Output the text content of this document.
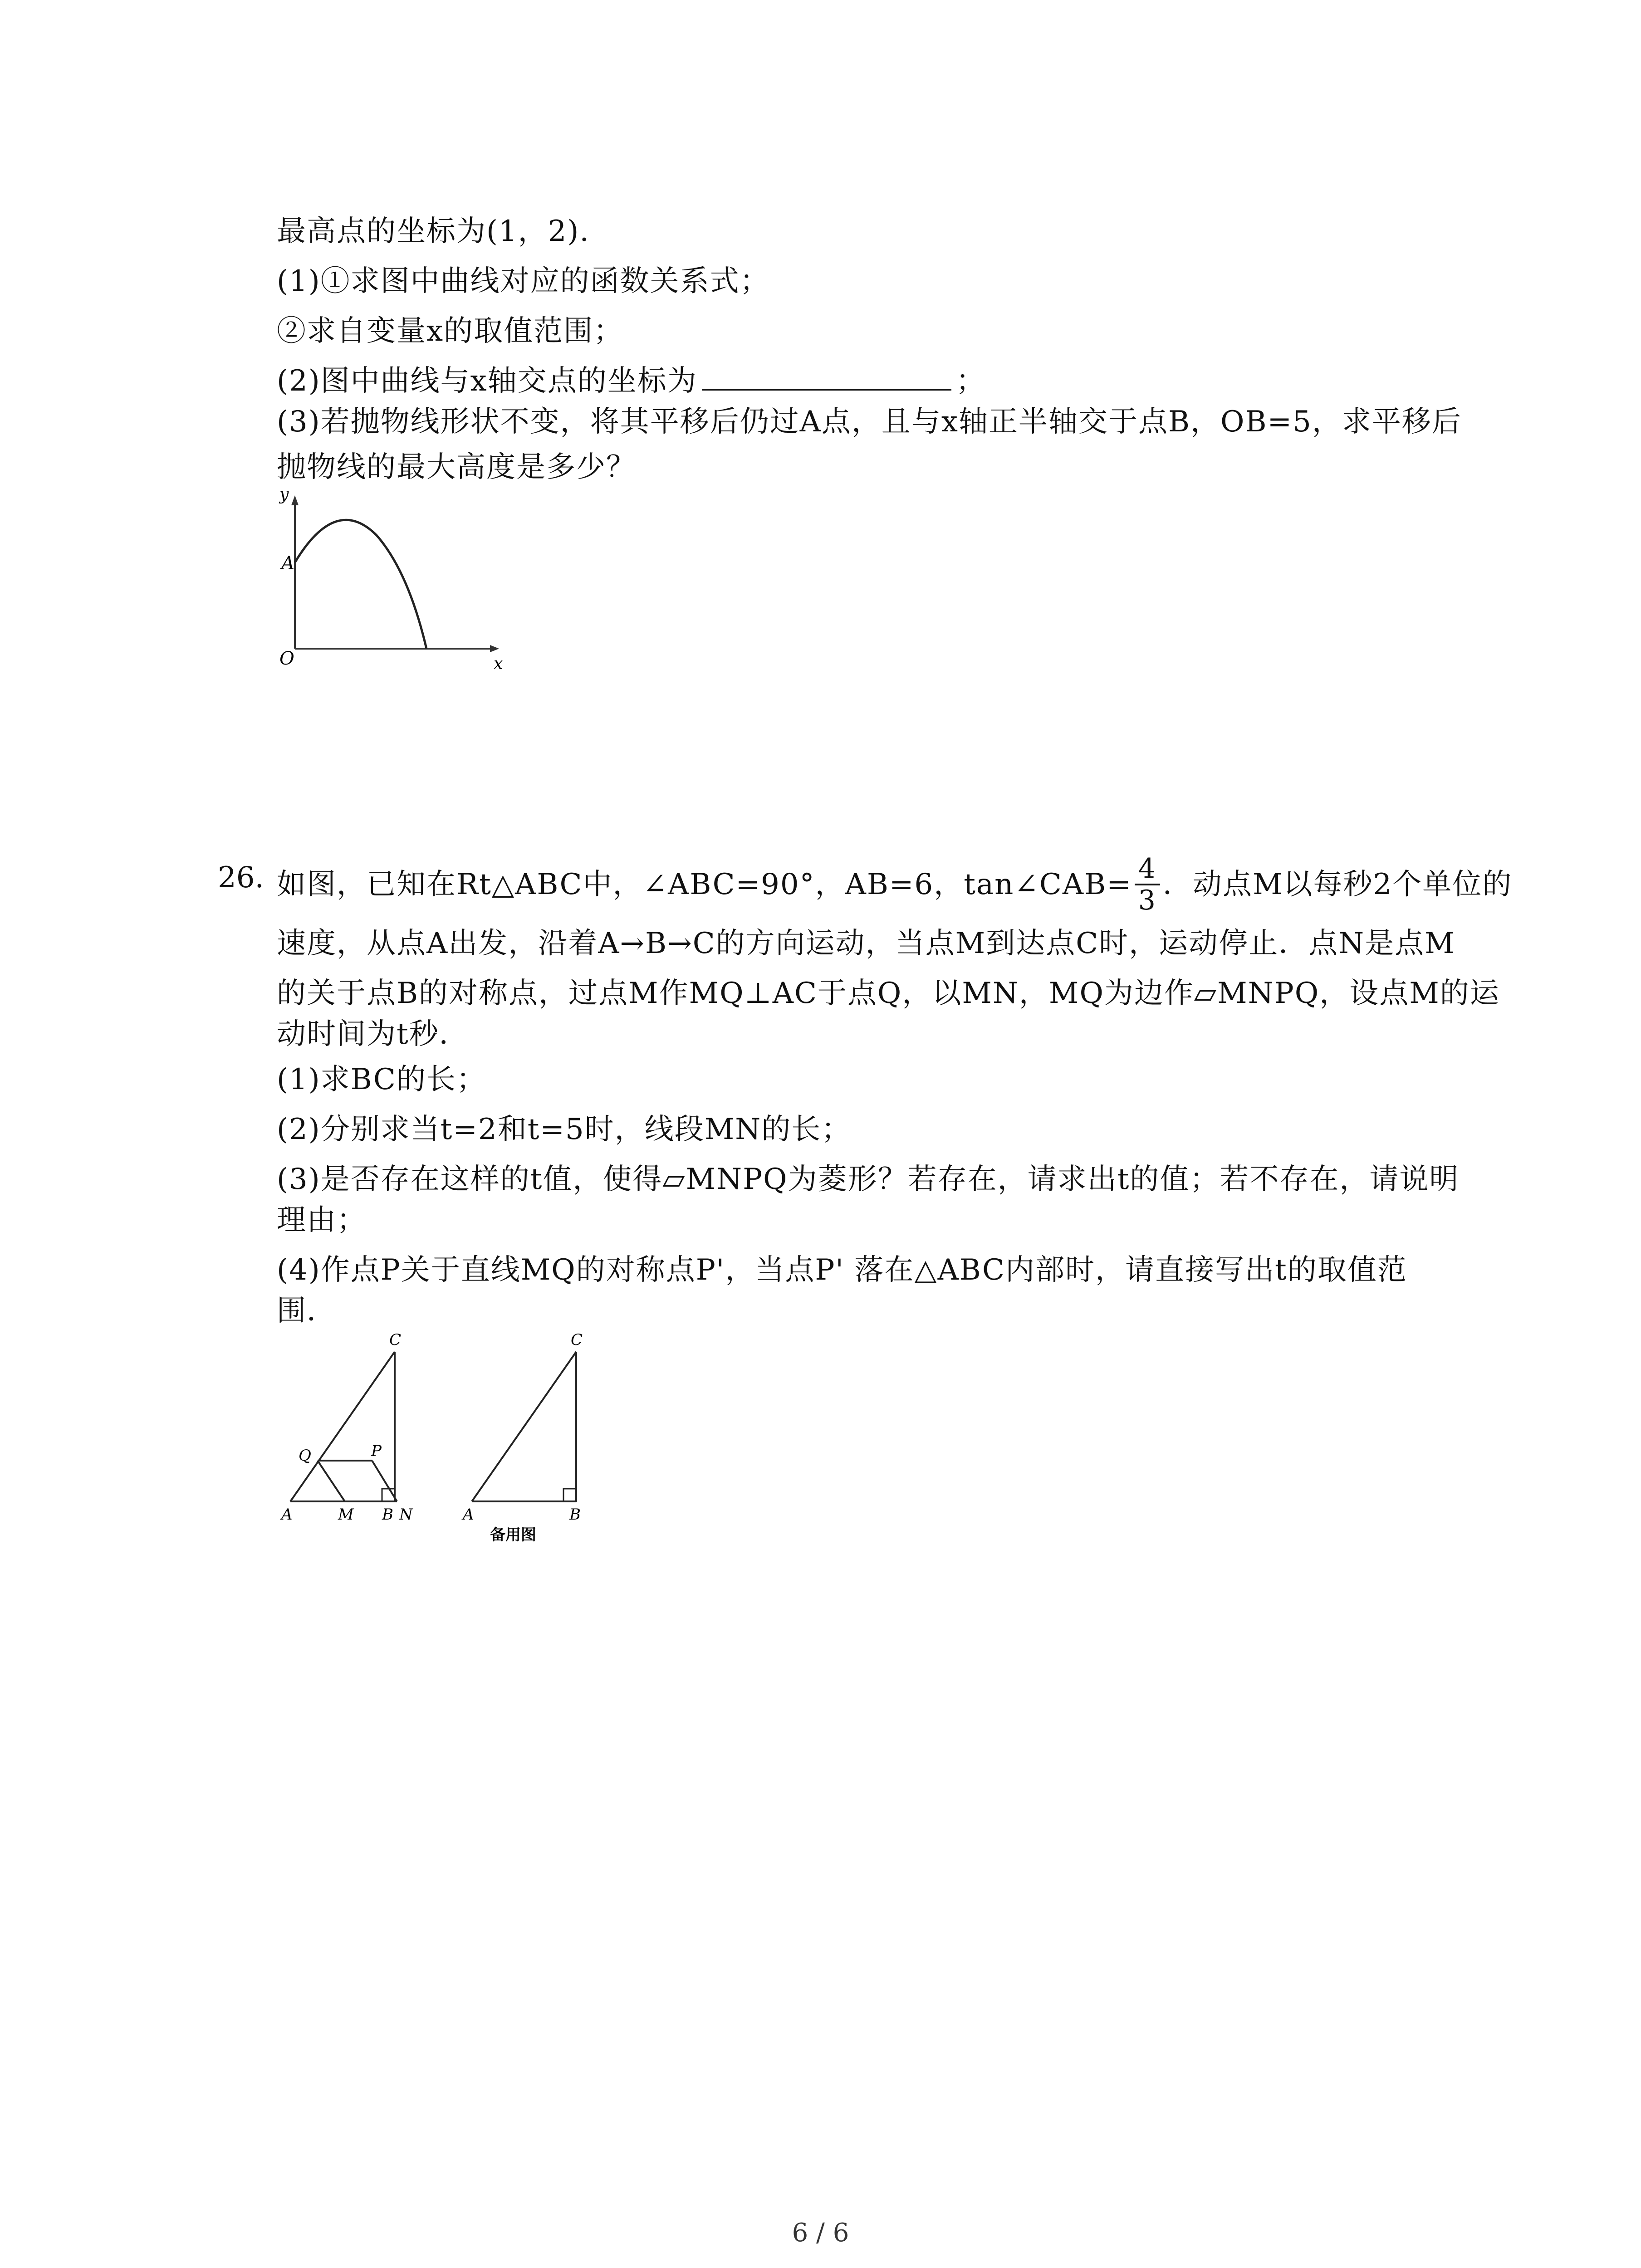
最高点的坐标为(1，2).
(1)①求图中曲线对应的函数关系式；
②求自变量x的取值范围；
(2)图中曲线与x轴交点的坐标为	；
(3)若抛物线形状不变，将其平移后仍过A点，且与x轴正半轴交于点B，OB=5，求平移后
抛物线的最大高度是多少？
y
A
O	x
26. 如图，已知在Rt△ABC中，∠ABC=90°，AB=6，tan∠CAB= $\frac{4}{3}$ ．动点M以每秒2个单位的
速度，从点A出发，沿着A→B→C的方向运动，当点M到达点C时，运动停止．点N是点M
的关于点B的对称点，过点M作MQ⊥AC于点Q，以MN，MQ为边作▱MNPQ，设点M的运
动时间为t秒．
(1)求BC的长；
(2)分别求当t=2和t=5时，线段MN的长；
(3)是否存在这样的t值，使得▱MNPQ为菱形？若存在，请求出t的值；若不存在，请说明
理由；
(4)作点P关于直线MQ的对称点P'，当点P' 落在△ABC内部时，请直接写出t的取值范
围．
C
Q	P
A	M B N
C
A	B
备用图
6 / 6
